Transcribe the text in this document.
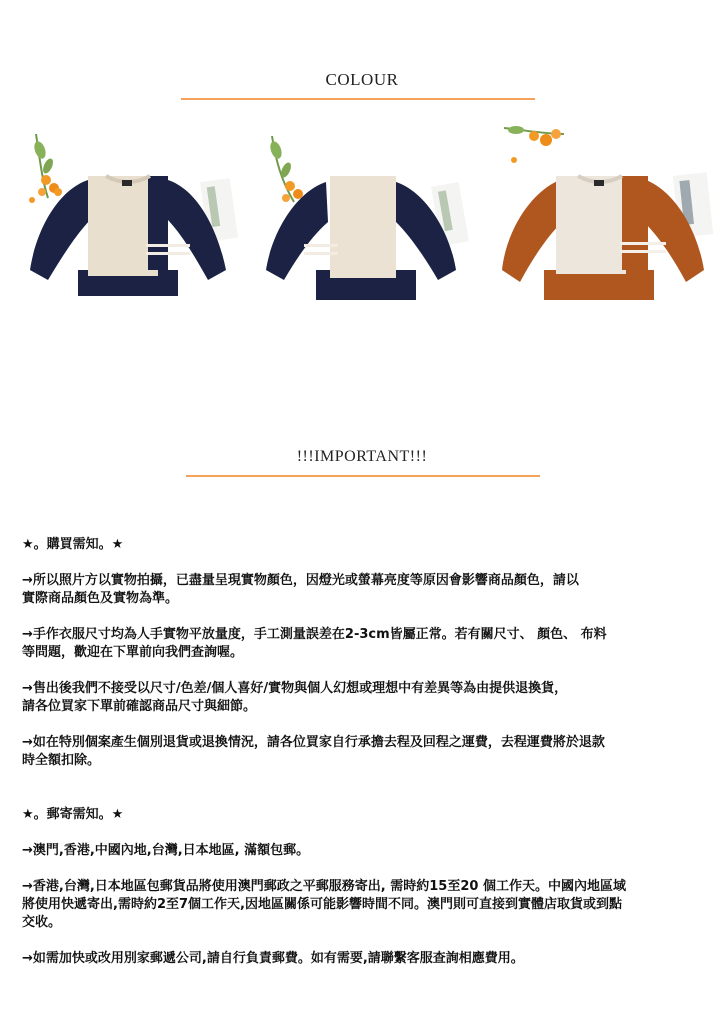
COLOUR
!!!IMPORTANT!!!

★。購買需知。★

→所以照片方以實物拍攝，已盡量呈現實物顏色，因燈光或螢幕亮度等原因會影響商品顏色，請以
實際商品顏色及實物為準。

→手作衣服尺寸均為人手實物平放量度，手工測量誤差在2-3cm皆屬正常。若有關尺寸、 顏色、 布料
等問題，歡迎在下單前向我們查詢喔。

→售出後我們不接受以尺寸/色差/個人喜好/實物與個人幻想或理想中有差異等為由提供退換貨，
請各位買家下單前確認商品尺寸與細節。

→如在特別個案產生個別退貨或退換情況，請各位買家自行承擔去程及回程之運費，去程運費將於退款
時全額扣除。

★。郵寄需知。★

→澳門,香港,中國內地,台灣,日本地區, 滿額包郵。

→香港,台灣,日本地區包郵貨品將使用澳門郵政之平郵服務寄出, 需時約15至20 個工作天。中國內地區域
將使用快遞寄出,需時約2至7個工作天,因地區關係可能影響時間不同。澳門則可直接到實體店取貨或到點
交收。

→如需加快或改用別家郵遞公司,請自行負責郵費。如有需要,請聯繫客服查詢相應費用。
